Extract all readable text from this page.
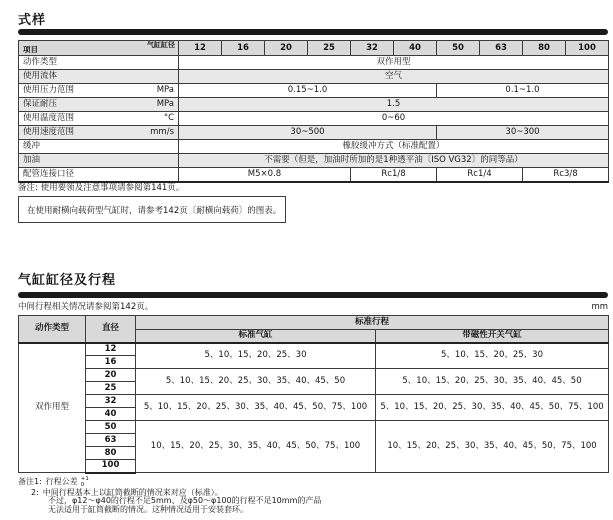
式样
气缸缸径
项目	12	16	20	25	32	40	50	63	80	100

动作类型	双作用型									

使用流体	空气									

使用压力范围 MPa	0.15~1.0						0.1~1.0			

保证耐压 MPa	1.5									

使用温度范围 °C	0~60									

使用速度范围 mm/s	30~500						30~300			

缓冲	橡胶缓冲方式（标准配置）									

加油	不需要（但是，加油时所加的是1种透平油〔ISO VG32〕的同等品）									

配管连接口径	M5×0.8				Rc1/8		Rc1/4		Rc3/8	
备注: 使用要领及注意事项请参阅第141页。
在使用耐横向载荷型气缸时，请参考142页〔耐横向载荷〕的图表。
气缸缸径及行程
中间行程相关情况请参阅第142页。	mm
动作类型	直径	标准行程	
		标准气缸	带磁性开关气缸
双作用型	12	5、10、15、20、25、30	5、10、15、20、25、30
	16		
	20	5、10、15、20、25、30、35、40、45、50	5、10、15、20、25、30、35、40、45、50
	25		
	32	5、10、15、20、25、30、35、40、45、50、75、100	5、10、15、20、25、30、35、40、45、50、75、100
	40		
	50	10、15、20、25、30、35、40、45、50、75、100	10、15、20、25、30、35、40、45、50、75、100
	63		
	80		
	100		
备注1: 行程公差 +1
0
2: 中间行程基本上以缸筒截断的情况来对应（标准）。
不过，φ12～φ40的行程不足5mm、及φ50～φ100的行程不足10mm的产品
无法适用于缸筒截断的情况。这种情况适用于安装套环。
